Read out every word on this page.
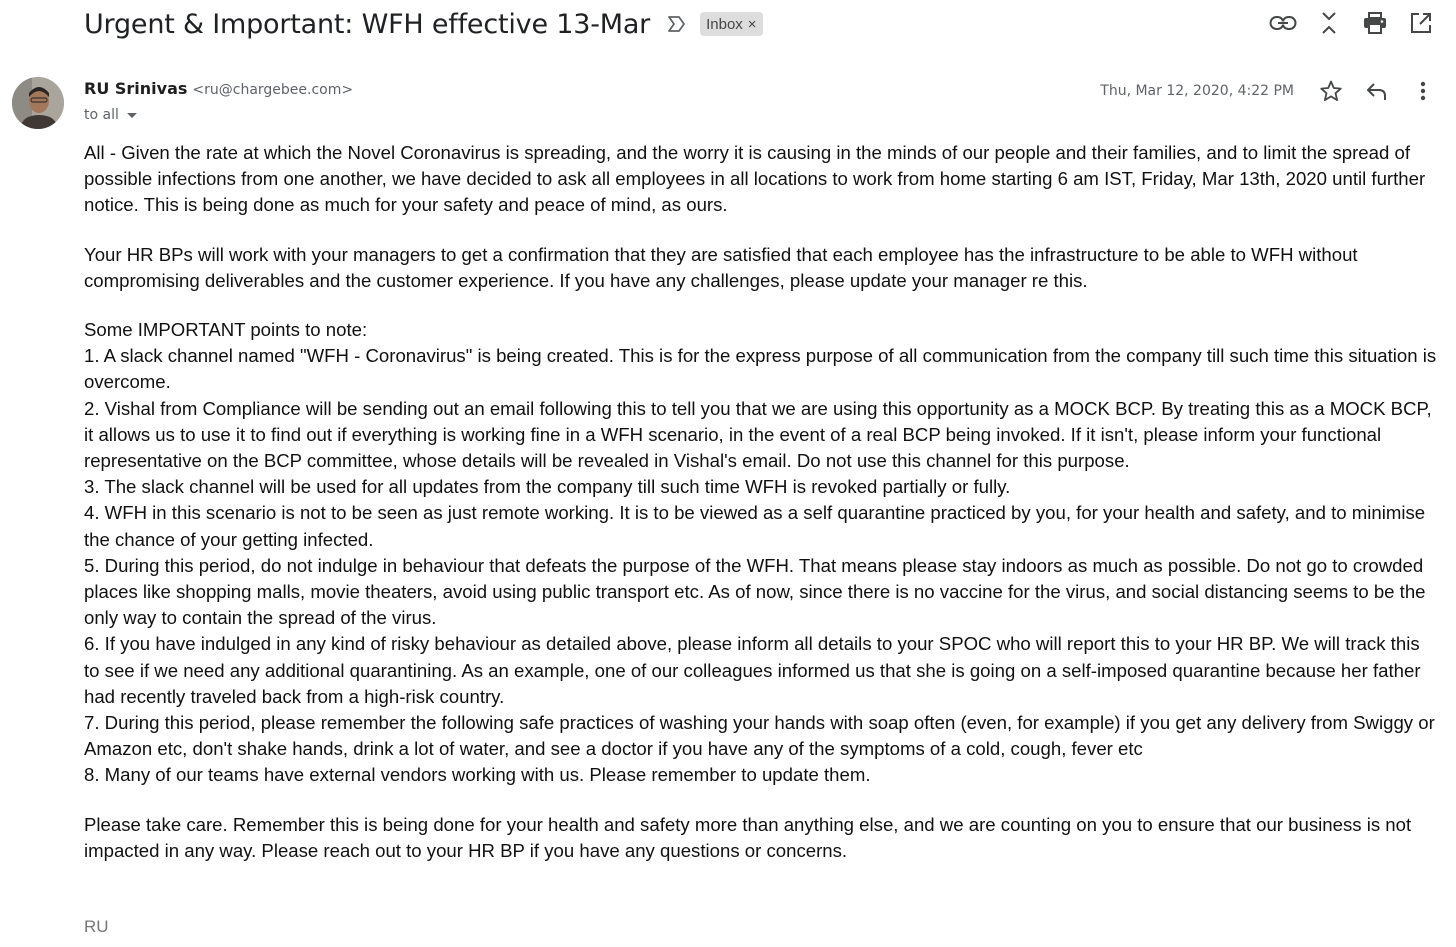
Urgent & Important: WFH effective 13-Mar	Inbox ×
RU Srinivas <ru@chargebee.com>
to all
Thu, Mar 12, 2020, 4:22 PM

All - Given the rate at which the Novel Coronavirus is spreading, and the worry it is causing in the minds of our people and their families, and to limit the spread of possible infections from one another, we have decided to ask all employees in all locations to work from home starting 6 am IST, Friday, Mar 13th, 2020 until further notice. This is being done as much for your safety and peace of mind, as ours.

Your HR BPs will work with your managers to get a confirmation that they are satisfied that each employee has the infrastructure to be able to WFH without compromising deliverables and the customer experience. If you have any challenges, please update your manager re this.

Some IMPORTANT points to note:

1. A slack channel named "WFH - Coronavirus" is being created. This is for the express purpose of all communication from the company till such time this situation is overcome.

2. Vishal from Compliance will be sending out an email following this to tell you that we are using this opportunity as a MOCK BCP. By treating this as a MOCK BCP, it allows us to use it to find out if everything is working fine in a WFH scenario, in the event of a real BCP being invoked. If it isn't, please inform your functional representative on the BCP committee, whose details will be revealed in Vishal's email. Do not use this channel for this purpose.

3. The slack channel will be used for all updates from the company till such time WFH is revoked partially or fully.

4. WFH in this scenario is not to be seen as just remote working. It is to be viewed as a self quarantine practiced by you, for your health and safety, and to minimise the chance of your getting infected.

5. During this period, do not indulge in behaviour that defeats the purpose of the WFH. That means please stay indoors as much as possible. Do not go to crowded places like shopping malls, movie theaters, avoid using public transport etc. As of now, since there is no vaccine for the virus, and social distancing seems to be the only way to contain the spread of the virus.

6. If you have indulged in any kind of risky behaviour as detailed above, please inform all details to your SPOC who will report this to your HR BP. We will track this to see if we need any additional quarantining. As an example, one of our colleagues informed us that she is going on a self-imposed quarantine because her father had recently traveled back from a high-risk country.

7. During this period, please remember the following safe practices of washing your hands with soap often (even, for example) if you get any delivery from Swiggy or Amazon etc, don't shake hands, drink a lot of water, and see a doctor if you have any of the symptoms of a cold, cough, fever etc

8. Many of our teams have external vendors working with us. Please remember to update them.

Please take care. Remember this is being done for your health and safety more than anything else, and we are counting on you to ensure that our business is not impacted in any way. Please reach out to your HR BP if you have any questions or concerns.

RU
